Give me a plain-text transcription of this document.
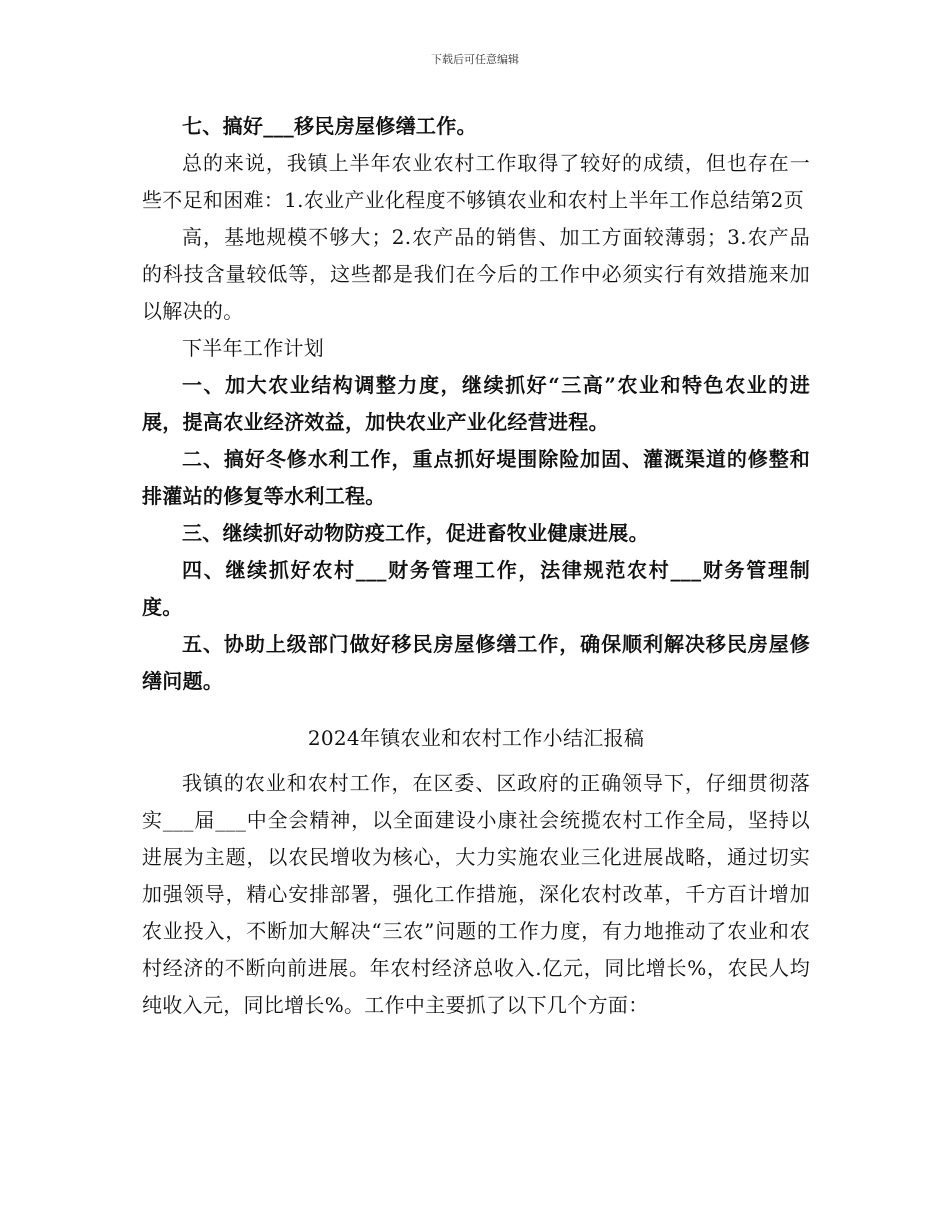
下载后可任意编辑

七、搞好___移民房屋修缮工作。

总的来说，我镇上半年农业农村工作取得了较好的成绩，但也存在一些不足和困难：1.农业产业化程度不够镇农业和农村上半年工作总结第2页

高，基地规模不够大；2.农产品的销售、加工方面较薄弱；3.农产品的科技含量较低等，这些都是我们在今后的工作中必须实行有效措施来加以解决的。

下半年工作计划

一、加大农业结构调整力度，继续抓好“三高”农业和特色农业的进展，提高农业经济效益，加快农业产业化经营进程。

二、搞好冬修水利工作，重点抓好堤围除险加固、灌溉渠道的修整和排灌站的修复等水利工程。

三、继续抓好动物防疫工作，促进畜牧业健康进展。

四、继续抓好农村___财务管理工作，法律规范农村___财务管理制度。

五、协助上级部门做好移民房屋修缮工作，确保顺利解决移民房屋修缮问题。

2024年镇农业和农村工作小结汇报稿

我镇的农业和农村工作，在区委、区政府的正确领导下，仔细贯彻落实___届___中全会精神，以全面建设小康社会统揽农村工作全局，坚持以进展为主题，以农民增收为核心，大力实施农业三化进展战略，通过切实加强领导，精心安排部署，强化工作措施，深化农村改革，千方百计增加农业投入，不断加大解决“三农”问题的工作力度，有力地推动了农业和农村经济的不断向前进展。年农村经济总收入.亿元，同比增长%，农民人均纯收入元，同比增长%。工作中主要抓了以下几个方面：
